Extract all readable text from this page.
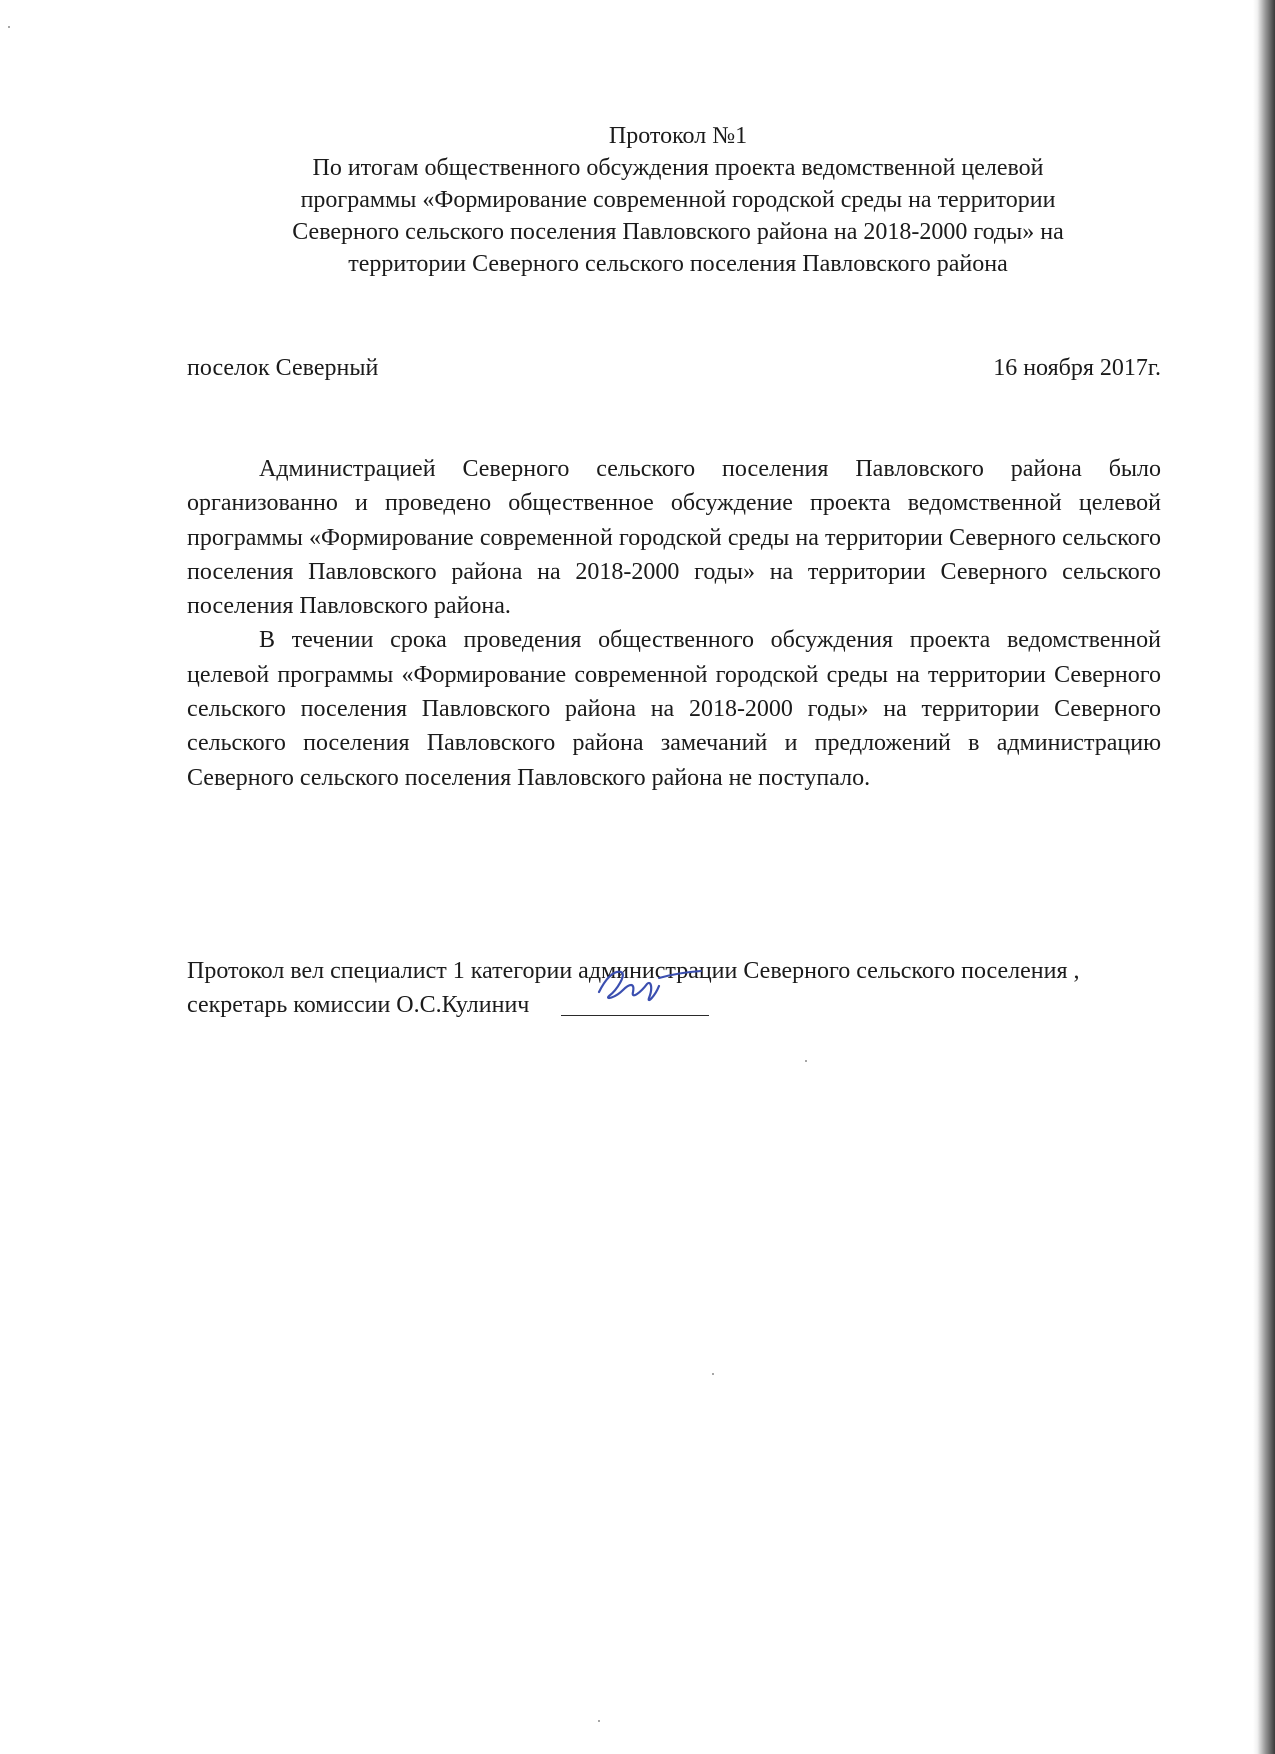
Протокол №1
По итогам общественного обсуждения проекта ведомственной целевой
программы «Формирование современной городской среды на территории
Северного сельского поселения Павловского района на 2018-2000 годы» на
территории Северного сельского поселения Павловского района
поселок Северный	16 ноября 2017г.

Администрацией Северного сельского поселения Павловского района было организованно и проведено общественное обсуждение проекта ведомственной целевой программы «Формирование современной городской среды на территории Северного сельского поселения Павловского района на 2018-2000 годы» на территории Северного сельского поселения Павловского района.

В течении срока проведения общественного обсуждения проекта ведомственной целевой программы «Формирование современной городской среды на территории Северного сельского поселения Павловского района на 2018-2000 годы» на территории Северного сельского поселения Павловского района замечаний и предложений в администрацию Северного сельского поселения Павловского района не поступало.

Протокол вел специалист 1 категории администрации Северного сельского поселения , секретарь комиссии О.С.Кулинич
